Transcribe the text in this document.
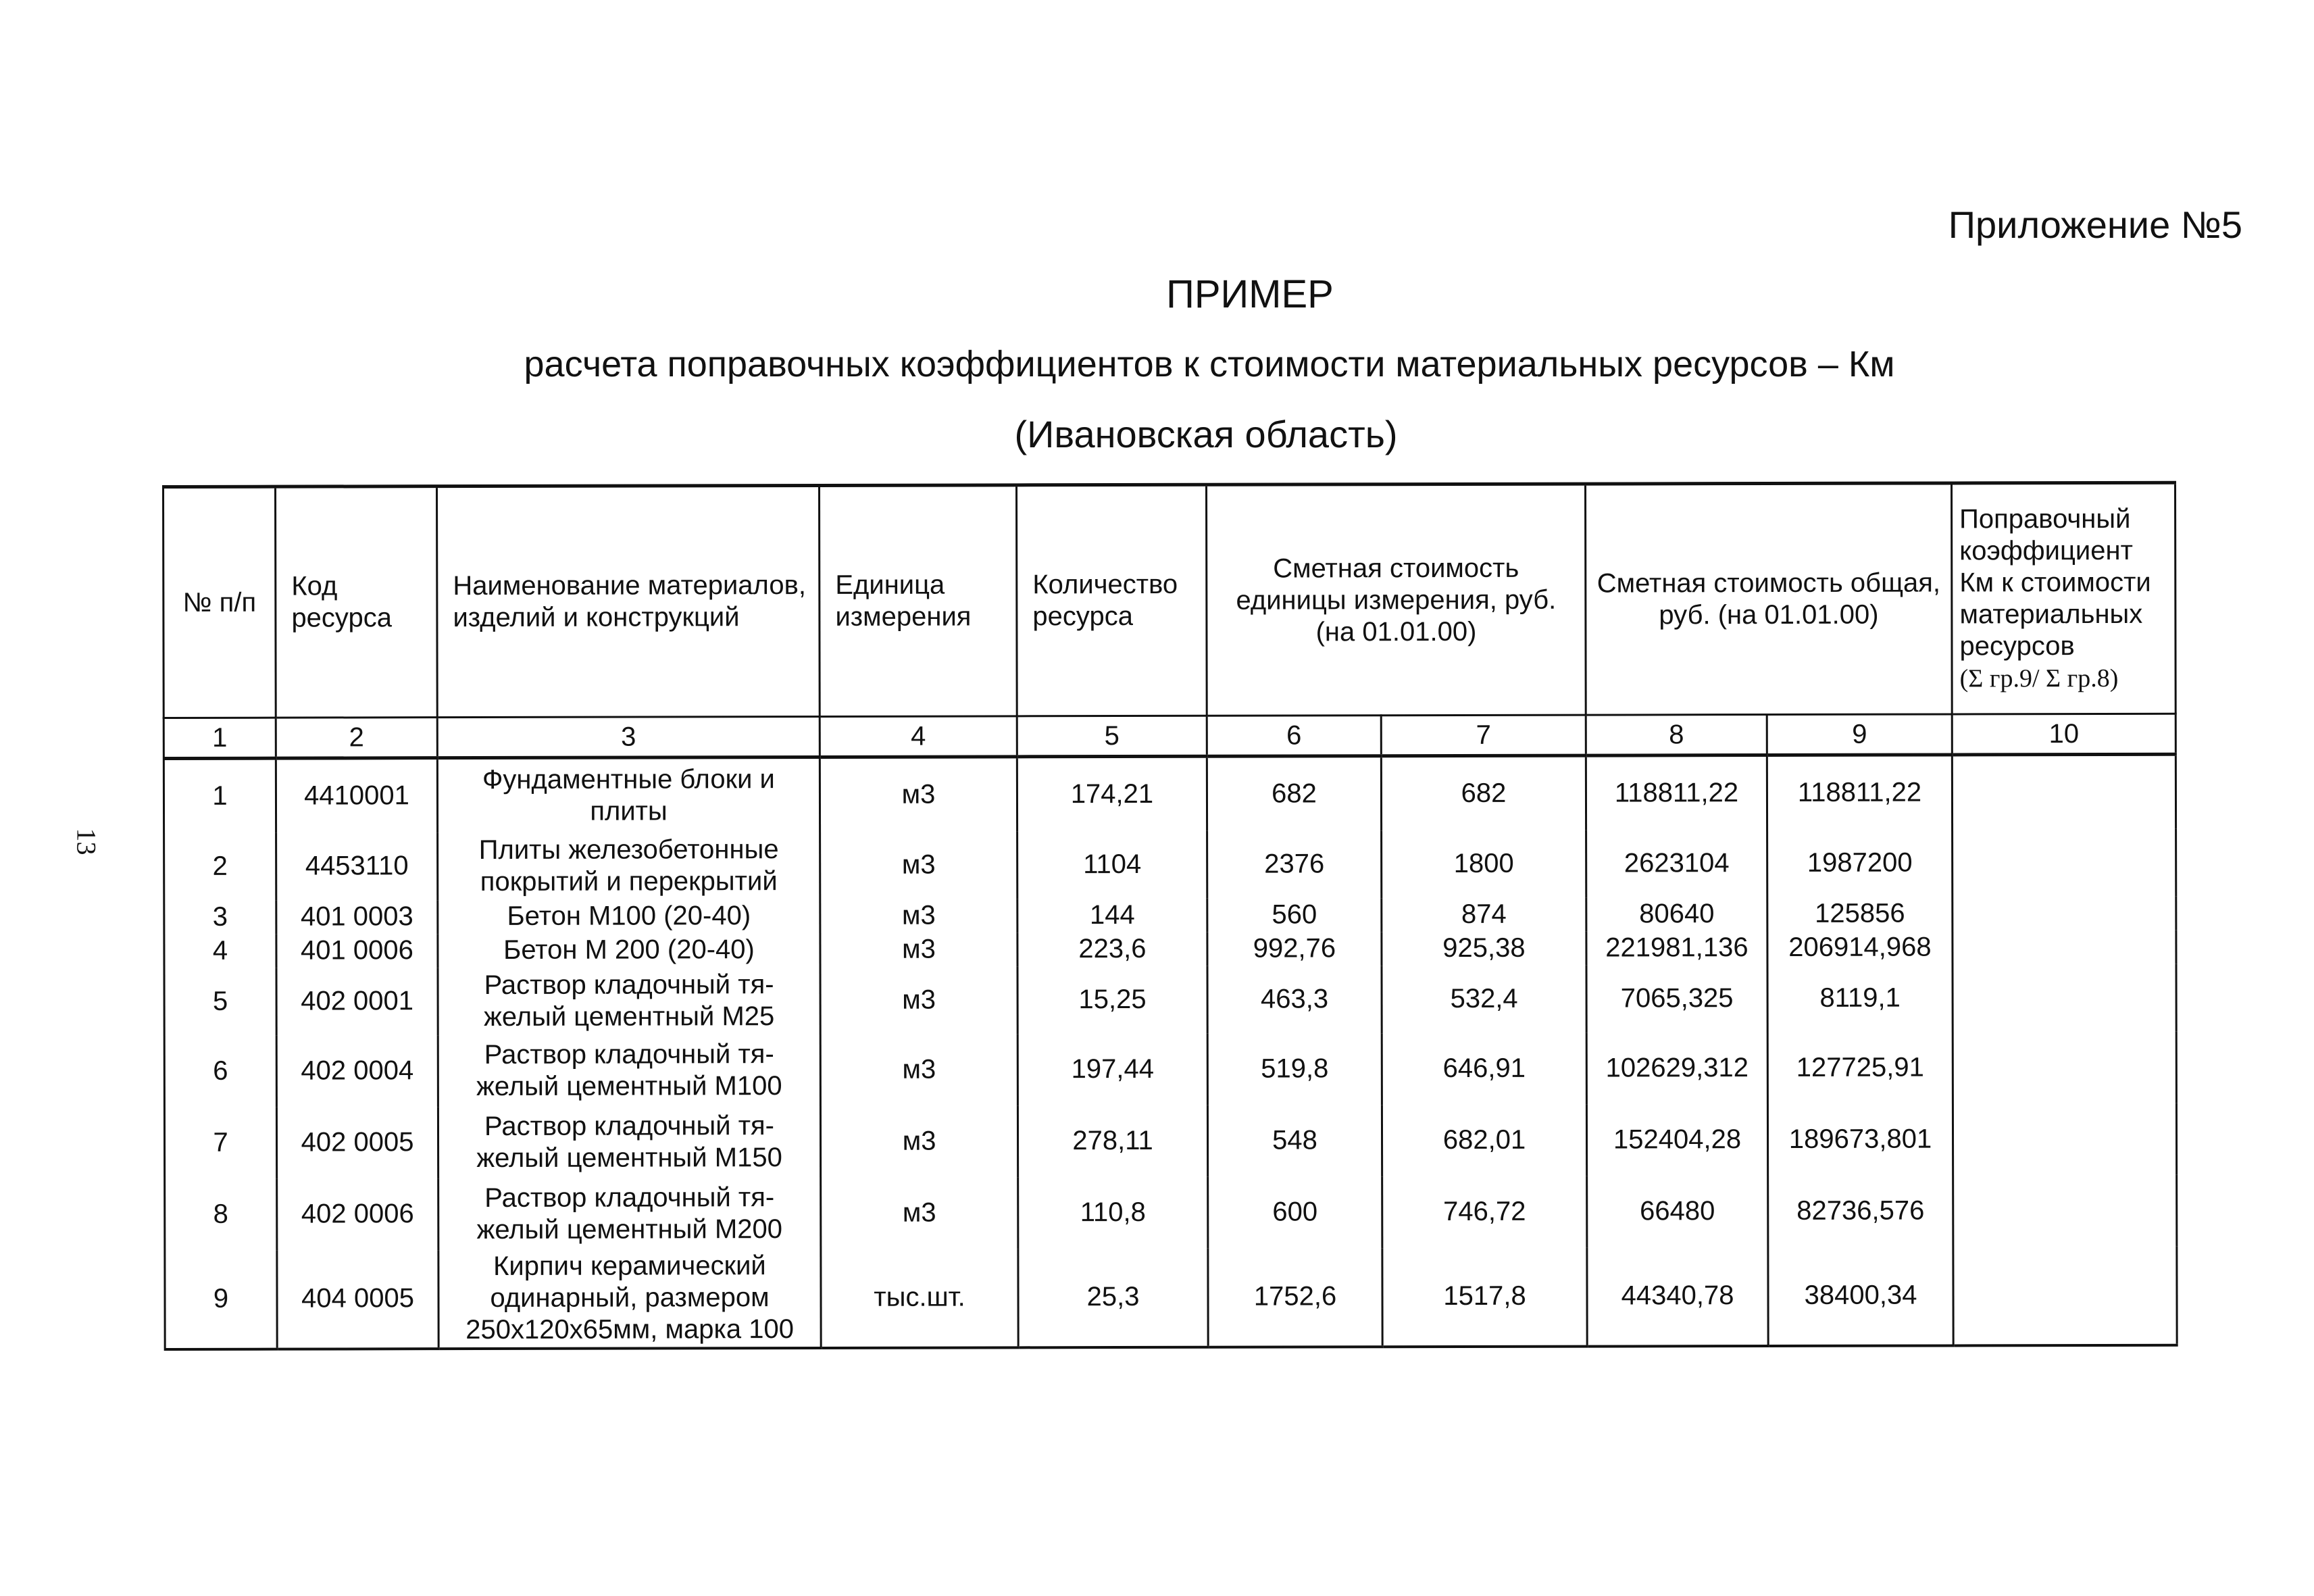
Приложение №5
ПРИМЕР
расчета поправочных коэффициентов к стоимости материальных ресурсов – Км
(Ивановская область)
13
№ п/п	Код ресурса	Наименование материалов, изделий и конструкций	Единица измерения	Количество ресурса	Сметная стоимость единицы измерения, руб. (на 01.01.00)		Сметная стоимость общая, руб. (на 01.01.00)		Поправочный коэффициент Км к стоимости материальных ресурсов
(Σ гр.9/ Σ гр.8)
1	2	3	4	5	6	7	8	9	10
1	4410001	Фундаментные блоки и плиты	м3	174,21	682	682	118811,22	118811,22	
2	4453110	Плиты железобетонные покрытий и перекрытий	м3	1104	2376	1800	2623104	1987200	
3	401 0003	Бетон М100 (20-40)	м3	144	560	874	80640	125856	
4	401 0006	Бетон М 200 (20-40)	м3	223,6	992,76	925,38	221981,136	206914,968	
5	402 0001	Раствор кладочный тя-желый цементный М25	м3	15,25	463,3	532,4	7065,325	8119,1	
6	402 0004	Раствор кладочный тя-желый цементный М100	м3	197,44	519,8	646,91	102629,312	127725,91	
7	402 0005	Раствор кладочный тя-желый цементный М150	м3	278,11	548	682,01	152404,28	189673,801	
8	402 0006	Раствор кладочный тя-желый цементный М200	м3	110,8	600	746,72	66480	82736,576	
9	404 0005	Кирпич керамический одинарный, размером 250х120х65мм, марка 100	тыс.шт.	25,3	1752,6	1517,8	44340,78	38400,34	
